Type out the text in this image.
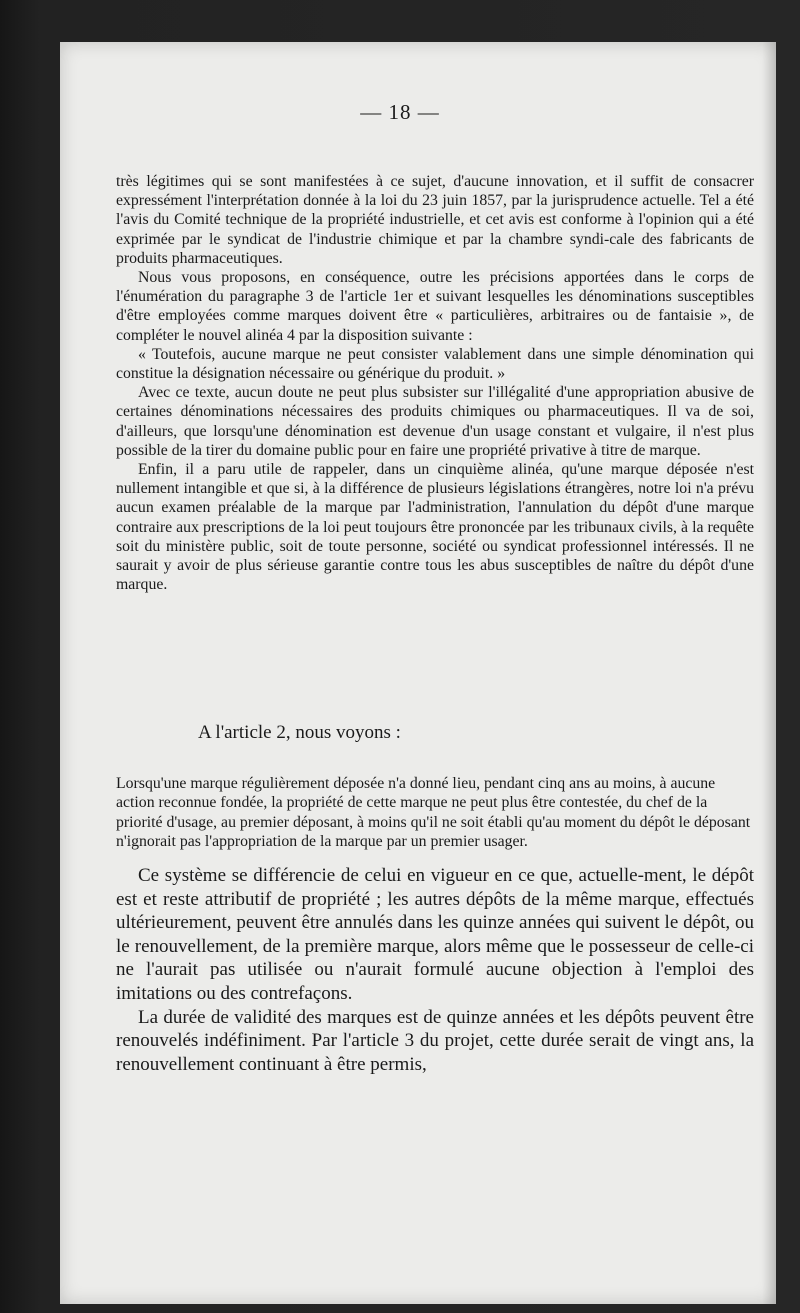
— 18 —

très légitimes qui se sont manifestées à ce sujet, d'aucune innovation, et il suffit de consacrer expressément l'interprétation donnée à la loi du 23 juin 1857, par la jurisprudence actuelle. Tel a été l'avis du Comité technique de la propriété industrielle, et cet avis est conforme à l'opinion qui a été exprimée par le syndicat de l'industrie chimique et par la chambre syndi-cale des fabricants de produits pharmaceutiques.

Nous vous proposons, en conséquence, outre les précisions apportées dans le corps de l'énumération du paragraphe 3 de l'article 1er et suivant lesquelles les dénominations susceptibles d'être employées comme marques doivent être « particulières, arbitraires ou de fantaisie », de compléter le nouvel alinéa 4 par la disposition suivante :

« Toutefois, aucune marque ne peut consister valablement dans une simple dénomination qui constitue la désignation nécessaire ou générique du produit. »

Avec ce texte, aucun doute ne peut plus subsister sur l'illégalité d'une appropriation abusive de certaines dénominations nécessaires des produits chimiques ou pharmaceutiques. Il va de soi, d'ailleurs, que lorsqu'une dénomination est devenue d'un usage constant et vulgaire, il n'est plus possible de la tirer du domaine public pour en faire une propriété privative à titre de marque.

Enfin, il a paru utile de rappeler, dans un cinquième alinéa, qu'une marque déposée n'est nullement intangible et que si, à la différence de plusieurs législations étrangères, notre loi n'a prévu aucun examen préalable de la marque par l'administration, l'annulation du dépôt d'une marque contraire aux prescriptions de la loi peut toujours être prononcée par les tribunaux civils, à la requête soit du ministère public, soit de toute personne, société ou syndicat professionnel intéressés. Il ne saurait y avoir de plus sérieuse garantie contre tous les abus susceptibles de naître du dépôt d'une marque.

A l'article 2, nous voyons :

Lorsqu'une marque régulièrement déposée n'a donné lieu, pendant cinq ans au moins, à aucune action reconnue fondée, la propriété de cette marque ne peut plus être contestée, du chef de la priorité d'usage, au premier déposant, à moins qu'il ne soit établi qu'au moment du dépôt le déposant n'ignorait pas l'appropriation de la marque par un premier usager.

Ce système se différencie de celui en vigueur en ce que, actuelle-ment, le dépôt est et reste attributif de propriété ; les autres dépôts de la même marque, effectués ultérieurement, peuvent être annulés dans les quinze années qui suivent le dépôt, ou le renouvellement, de la première marque, alors même que le possesseur de celle-ci ne l'aurait pas utilisée ou n'aurait formulé aucune objection à l'emploi des imitations ou des contrefaçons.

La durée de validité des marques est de quinze années et les dépôts peuvent être renouvelés indéfiniment. Par l'article 3 du projet, cette durée serait de vingt ans, la renouvellement continuant à être permis,
